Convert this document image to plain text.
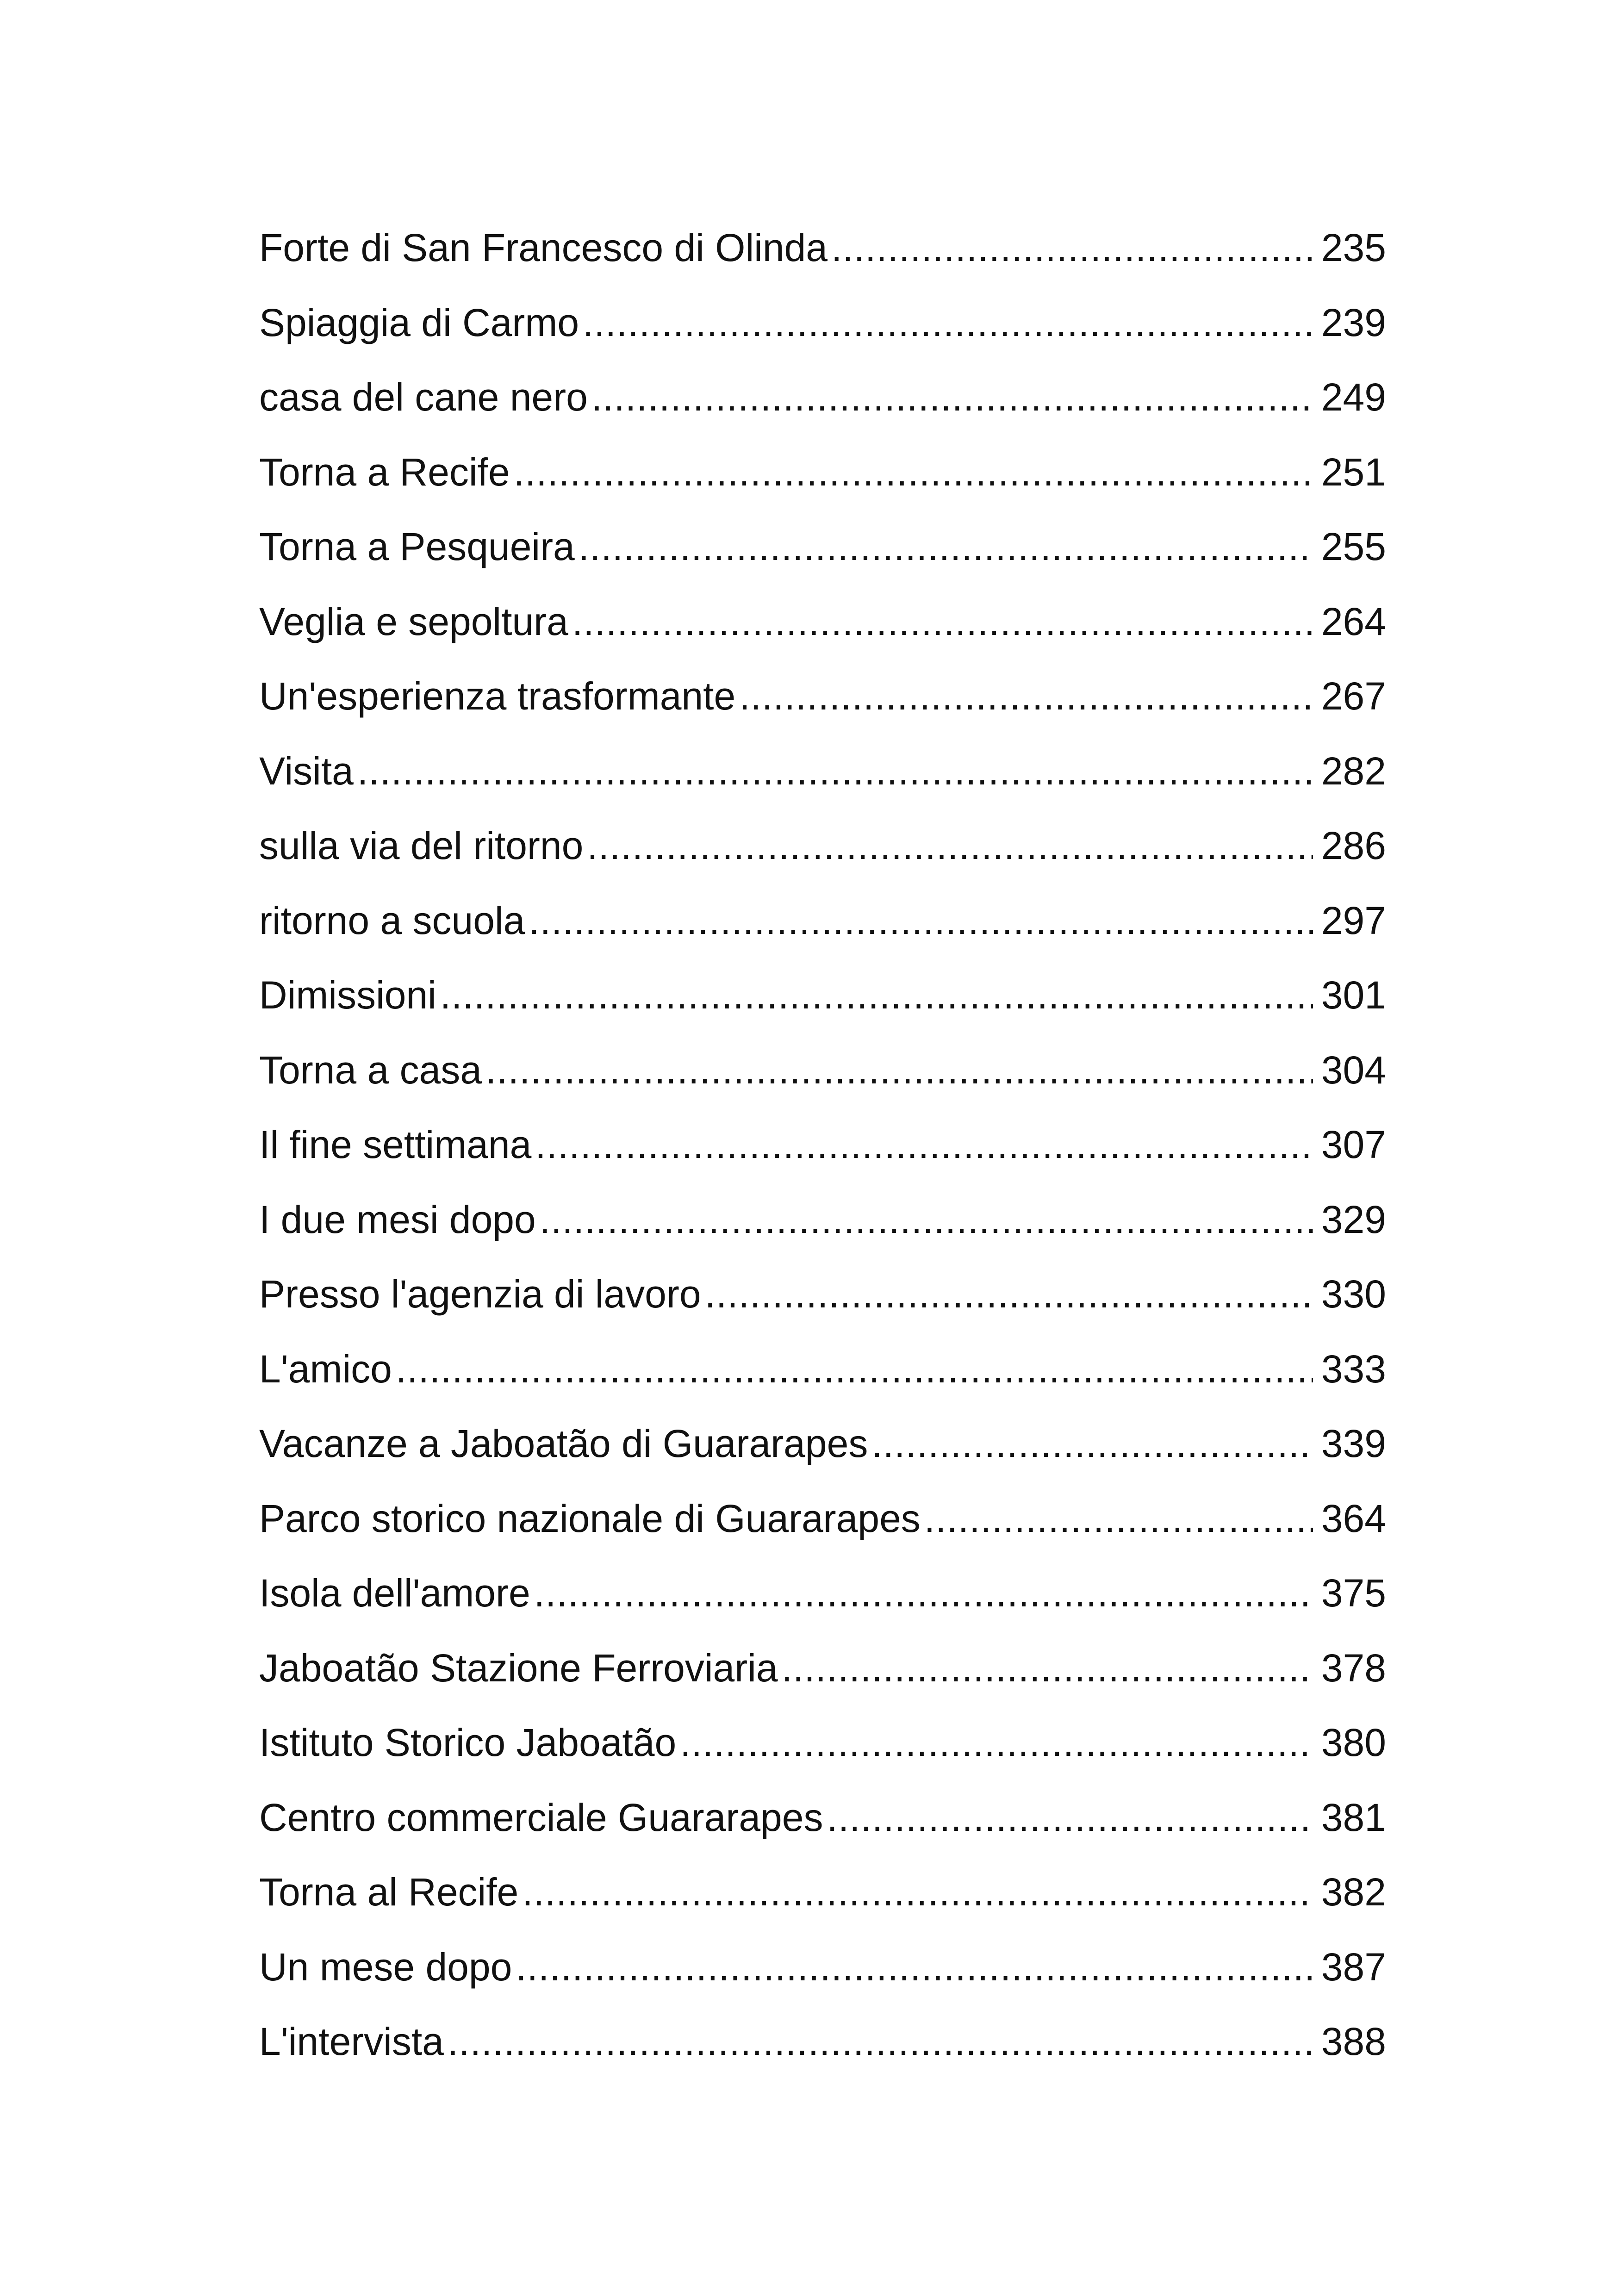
Forte di San Francesco di Olinda .....	235
Spiaggia di Carmo .....	239
casa del cane nero .....	249
Torna a Recife .....	251
Torna a Pesqueira .....	255
Veglia e sepoltura .....	264
Un'esperienza trasformante .....	267
Visita .....	282
sulla via del ritorno .....	286
ritorno a scuola .....	297
Dimissioni .....	301
Torna a casa .....	304
Il fine settimana .....	307
I due mesi dopo .....	329
Presso l'agenzia di lavoro .....	330
L'amico .....	333
Vacanze a Jaboatão di Guararapes .....	339
Parco storico nazionale di Guararapes .....	364
Isola dell'amore .....	375
Jaboatão Stazione Ferroviaria .....	378
Istituto Storico Jaboatão .....	380
Centro commerciale Guararapes .....	381
Torna al Recife .....	382
Un mese dopo .....	387
L'intervista .....	388
